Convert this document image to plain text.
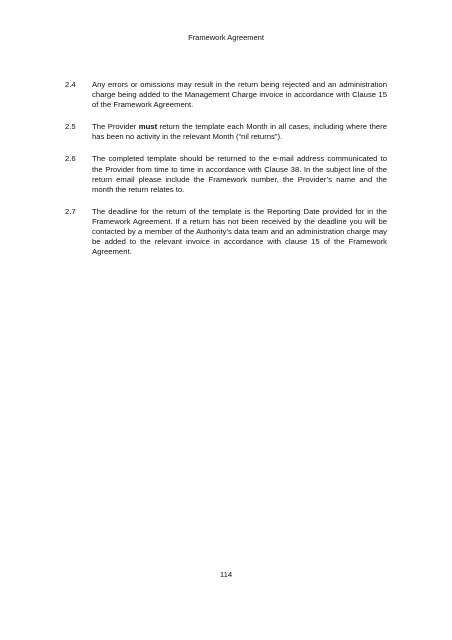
Framework Agreement
2.4 Any errors or omissions may result in the return being rejected and an administration charge being added to the Management Charge invoice in accordance with Clause 15 of the Framework Agreement.
2.5 The Provider must return the template each Month in all cases, including where there has been no activity in the relevant Month (“nil returns”).
2.6 The completed template should be returned to the e-mail address communicated to the Provider from time to time in accordance with Clause 38. In the subject line of the return email please include the Framework number, the Provider’s name and the month the return relates to.
2.7 The deadline for the return of the template is the Reporting Date provided for in the Framework Agreement. If a return has not been received by the deadline you will be contacted by a member of the Authority’s data team and an administration charge may be added to the relevant invoice in accordance with clause 15 of the Framework Agreement.
114
